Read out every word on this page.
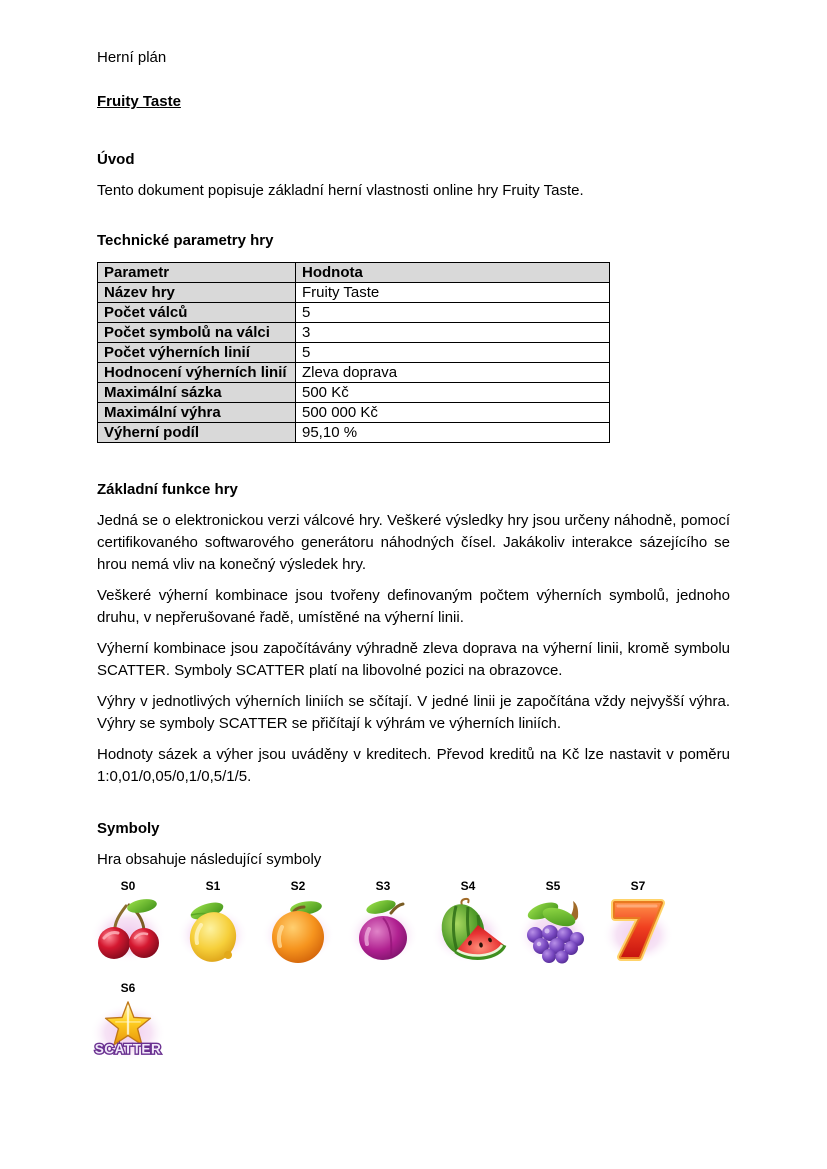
Herní plán

Fruity Taste

Úvod

Tento dokument popisuje základní herní vlastnosti online hry Fruity Taste.

Technické parametry hry

Parametr	Hodnota
Název hry	Fruity Taste
Počet válců	5
Počet symbolů na válci	3
Počet výherních linií	5
Hodnocení výherních linií	Zleva doprava
Maximální sázka	500 Kč
Maximální výhra	500 000 Kč
Výherní podíl	95,10 %

Základní funkce hry

Jedná se o elektronickou verzi válcové hry. Veškeré výsledky hry jsou určeny náhodně, pomocí certifikovaného softwarového generátoru náhodných čísel. Jakákoliv interakce sázejícího se hrou nemá vliv na konečný výsledek hry.

Veškeré výherní kombinace jsou tvořeny definovaným počtem výherních symbolů, jednoho druhu, v nepřerušované řadě, umístěné na výherní linii.

Výherní kombinace jsou započítávány výhradně zleva doprava na výherní linii, kromě symbolu SCATTER. Symboly SCATTER platí na libovolné pozici na obrazovce.

Výhry v jednotlivých výherních liniích se sčítají. V jedné linii je započítána vždy nejvyšší výhra. Výhry se symboly SCATTER se přičítají k výhrám ve výherních liniích.

Hodnoty sázek a výher jsou uváděny v kreditech. Převod kreditů na Kč lze nastavit v poměru 1:0,01/0,05/0,1/0,5/1/5.

Symboly

Hra obsahuje následující symboly

S0	S1	S2	S3	S4	S5	S7
S6
SCATTER
